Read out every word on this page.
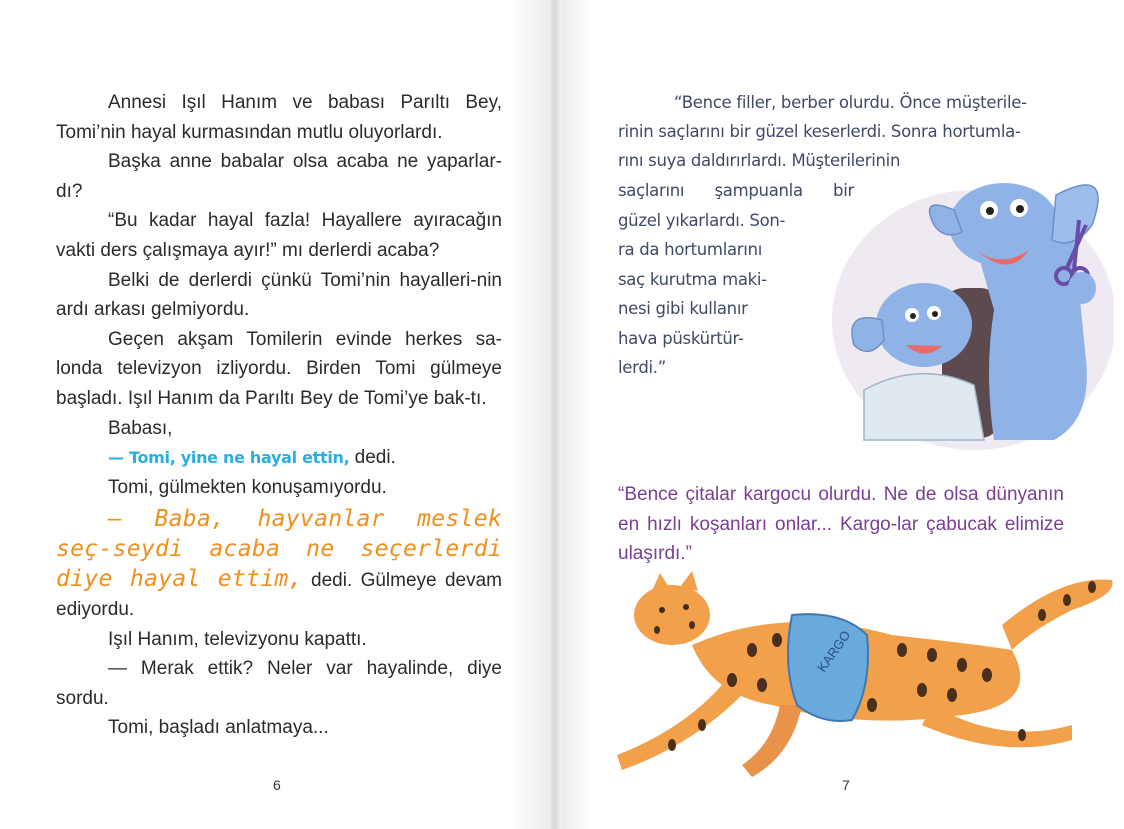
Annesi Işıl Hanım ve babası Parıltı Bey, Tomi’nin hayal kurmasından mutlu oluyorlardı.

Başka anne babalar olsa acaba ne yaparlar-dı?

“Bu kadar hayal fazla! Hayallere ayıracağın vakti ders çalışmaya ayır!” mı derlerdi acaba?

Belki de derlerdi çünkü Tomi’nin hayalleri-nin ardı arkası gelmiyordu.

Geçen akşam Tomilerin evinde herkes sa-londa televizyon izliyordu. Birden Tomi gülmeye başladı. Işıl Hanım da Parıltı Bey de Tomi’ye bak-tı.

Babası,

— Tomi, yine ne hayal ettin, dedi.

Tomi, gülmekten konuşamıyordu.

— Baba, hayvanlar meslek seç-seydi acaba ne seçerlerdi diye hayal ettim, dedi. Gülmeye devam ediyordu.

Işıl Hanım, televizyonu kapattı.

— Merak ettik? Neler var hayalinde, diye sordu.

Tomi, başladı anlatmaya...

6

“Bence filler, berber olurdu. Önce müşterile-

rinin saçlarını bir güzel keserlerdi. Sonra hortumla-

rını suya daldırırlardı. Müşterilerinin

saçlarını şampuanla bir

güzel yıkarlardı. Son-

ra da hortumlarını

saç kurutma maki-

nesi gibi kullanır

hava püskürtür-

lerdi.”

“Bence çitalar kargocu olurdu. Ne de olsa dünyanın en hızlı koşanları onlar... Kargo-lar çabucak elimize ulaşırdı.”

KARGO
7
